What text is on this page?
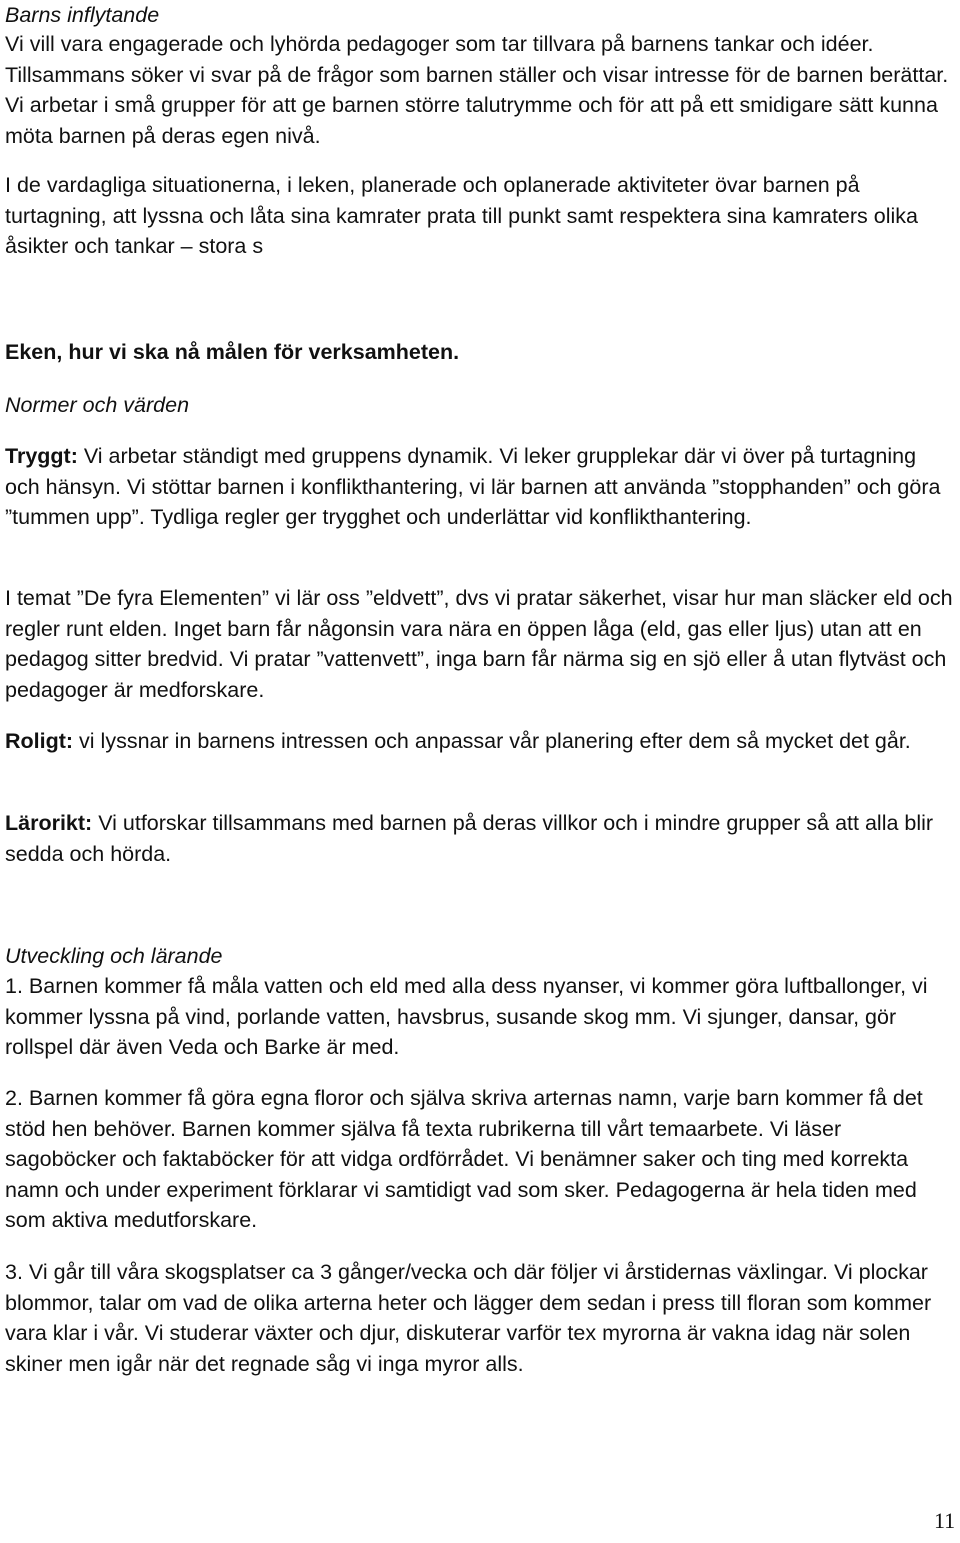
Barns inflytande

Vi vill vara engagerade och lyhörda pedagoger som tar tillvara på barnens tankar och idéer. Tillsammans söker vi svar på de frågor som barnen ställer och visar intresse för de barnen berättar. Vi arbetar i små grupper för att ge barnen större talutrymme och för att på ett smidigare sätt kunna möta barnen på deras egen nivå.

I de vardagliga situationerna, i leken, planerade och oplanerade aktiviteter övar barnen på turtagning, att lyssna och låta sina kamrater prata till punkt samt respektera sina kamraters olika åsikter och tankar – stora s

Eken, hur vi ska nå målen för verksamheten.

Normer och värden

Tryggt: Vi arbetar ständigt med gruppens dynamik. Vi leker grupplekar där vi över på turtagning och hänsyn. Vi stöttar barnen i konflikthantering, vi lär barnen att använda ”stopphanden” och göra ”tummen upp”. Tydliga regler ger trygghet och underlättar vid konflikthantering.

I temat ”De fyra Elementen” vi lär oss ”eldvett”, dvs vi pratar säkerhet, visar hur man släcker eld och regler runt elden. Inget barn får någonsin vara nära en öppen låga (eld, gas eller ljus) utan att en pedagog sitter bredvid. Vi pratar ”vattenvett”, inga barn får närma sig en sjö eller å utan flytväst och pedagoger är medforskare.

Roligt: vi lyssnar in barnens intressen och anpassar vår planering efter dem så mycket det går.

Lärorikt: Vi utforskar tillsammans med barnen på deras villkor och i mindre grupper så att alla blir sedda och hörda.

Utveckling och lärande

1. Barnen kommer få måla vatten och eld med alla dess nyanser, vi kommer göra luftballonger, vi kommer lyssna på vind, porlande vatten, havsbrus, susande skog mm. Vi sjunger, dansar, gör rollspel där även Veda och Barke är med.

2. Barnen kommer få göra egna floror och själva skriva arternas namn, varje barn kommer få det stöd hen behöver. Barnen kommer själva få texta rubrikerna till vårt temaarbete. Vi läser sagoböcker och faktaböcker för att vidga ordförrådet. Vi benämner saker och ting med korrekta namn och under experiment förklarar vi samtidigt vad som sker. Pedagogerna är hela tiden med som aktiva medutforskare.

3. Vi går till våra skogsplatser ca 3 gånger/vecka och där följer vi årstidernas växlingar. Vi plockar blommor, talar om vad de olika arterna heter och lägger dem sedan i press till floran som kommer vara klar i vår. Vi studerar växter och djur, diskuterar varför tex myrorna är vakna idag när solen skiner men igår när det regnade såg vi inga myror alls.

11
